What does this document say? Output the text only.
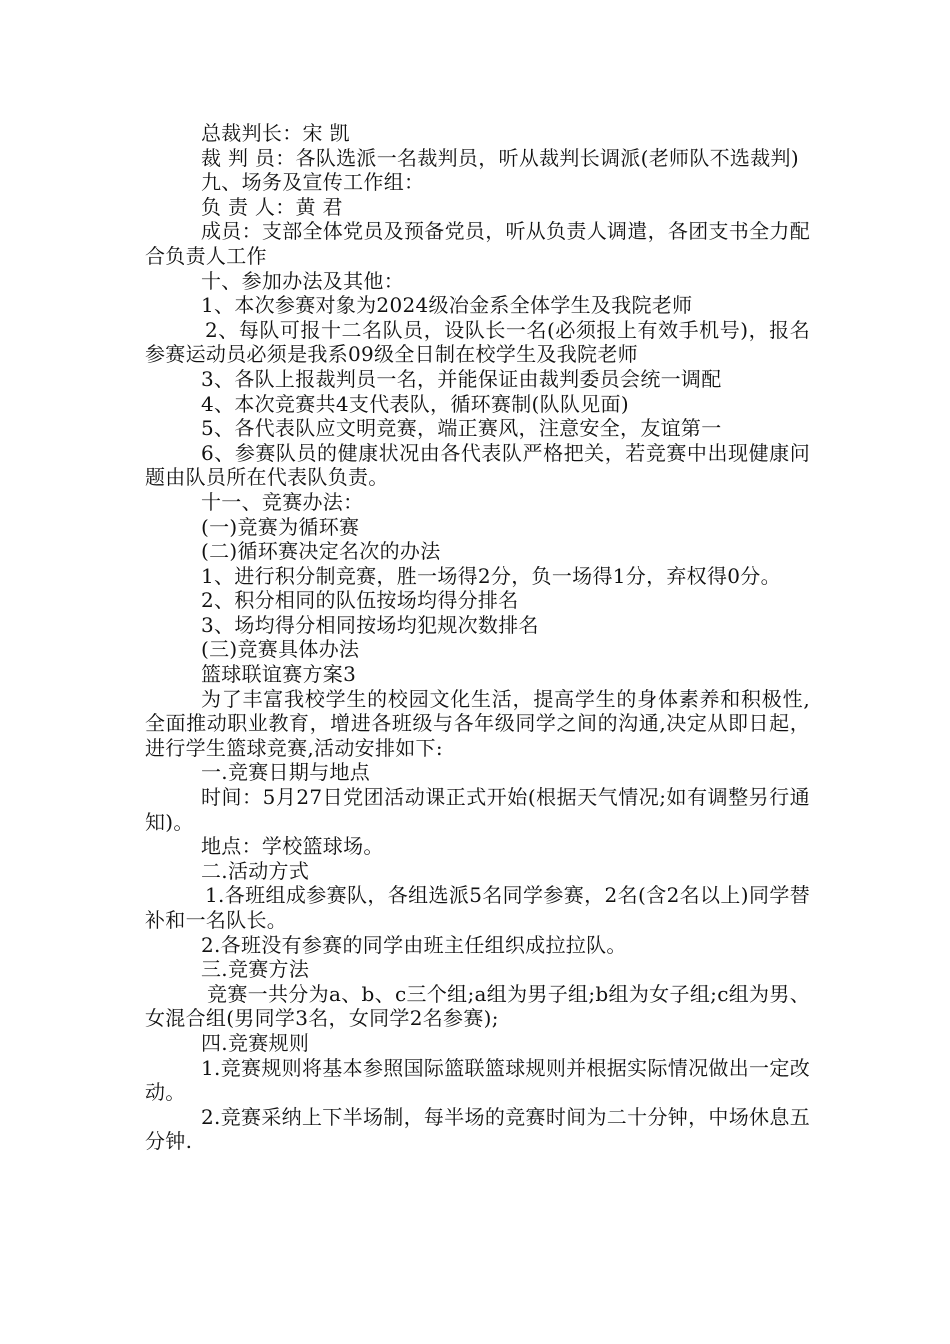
总裁判长：宋 凯

裁 判 员：各队选派一名裁判员，听从裁判长调派(老师队不选裁判)

九、场务及宣传工作组：

负 责 人：黄 君

成员：支部全体党员及预备党员，听从负责人调遣，各团支书全力配合负责人工作

十、参加办法及其他：

1、本次参赛对象为2024级冶金系全体学生及我院老师

2、每队可报十二名队员，设队长一名(必须报上有效手机号)，报名参赛运动员必须是我系09级全日制在校学生及我院老师

3、各队上报裁判员一名，并能保证由裁判委员会统一调配

4、本次竞赛共4支代表队，循环赛制(队队见面)

5、各代表队应文明竞赛，端正赛风，注意安全，友谊第一

6、参赛队员的健康状况由各代表队严格把关，若竞赛中出现健康问题由队员所在代表队负责。

十一、竞赛办法：

(一)竞赛为循环赛

(二)循环赛决定名次的办法

1、进行积分制竞赛，胜一场得2分，负一场得1分，弃权得0分。

2、积分相同的队伍按场均得分排名

3、场均得分相同按场均犯规次数排名

(三)竞赛具体办法

篮球联谊赛方案3

为了丰富我校学生的校园文化生活，提高学生的身体素养和积极性,全面推动职业教育，增进各班级与各年级同学之间的沟通,决定从即日起，进行学生篮球竞赛,活动安排如下:

一.竞赛日期与地点

时间：5月27日党团活动课正式开始(根据天气情况;如有调整另行通知)。

地点：学校篮球场。

二.活动方式

1.各班组成参赛队，各组选派5名同学参赛，2名(含2名以上)同学替补和一名队长。

2.各班没有参赛的同学由班主任组织成拉拉队。

三.竞赛方法

竞赛一共分为a、b、c三个组;a组为男子组;b组为女子组;c组为男、女混合组(男同学3名，女同学2名参赛);

四.竞赛规则

1.竞赛规则将基本参照国际篮联篮球规则并根据实际情况做出一定改动。

2.竞赛采纳上下半场制，每半场的竞赛时间为二十分钟，中场休息五分钟.
